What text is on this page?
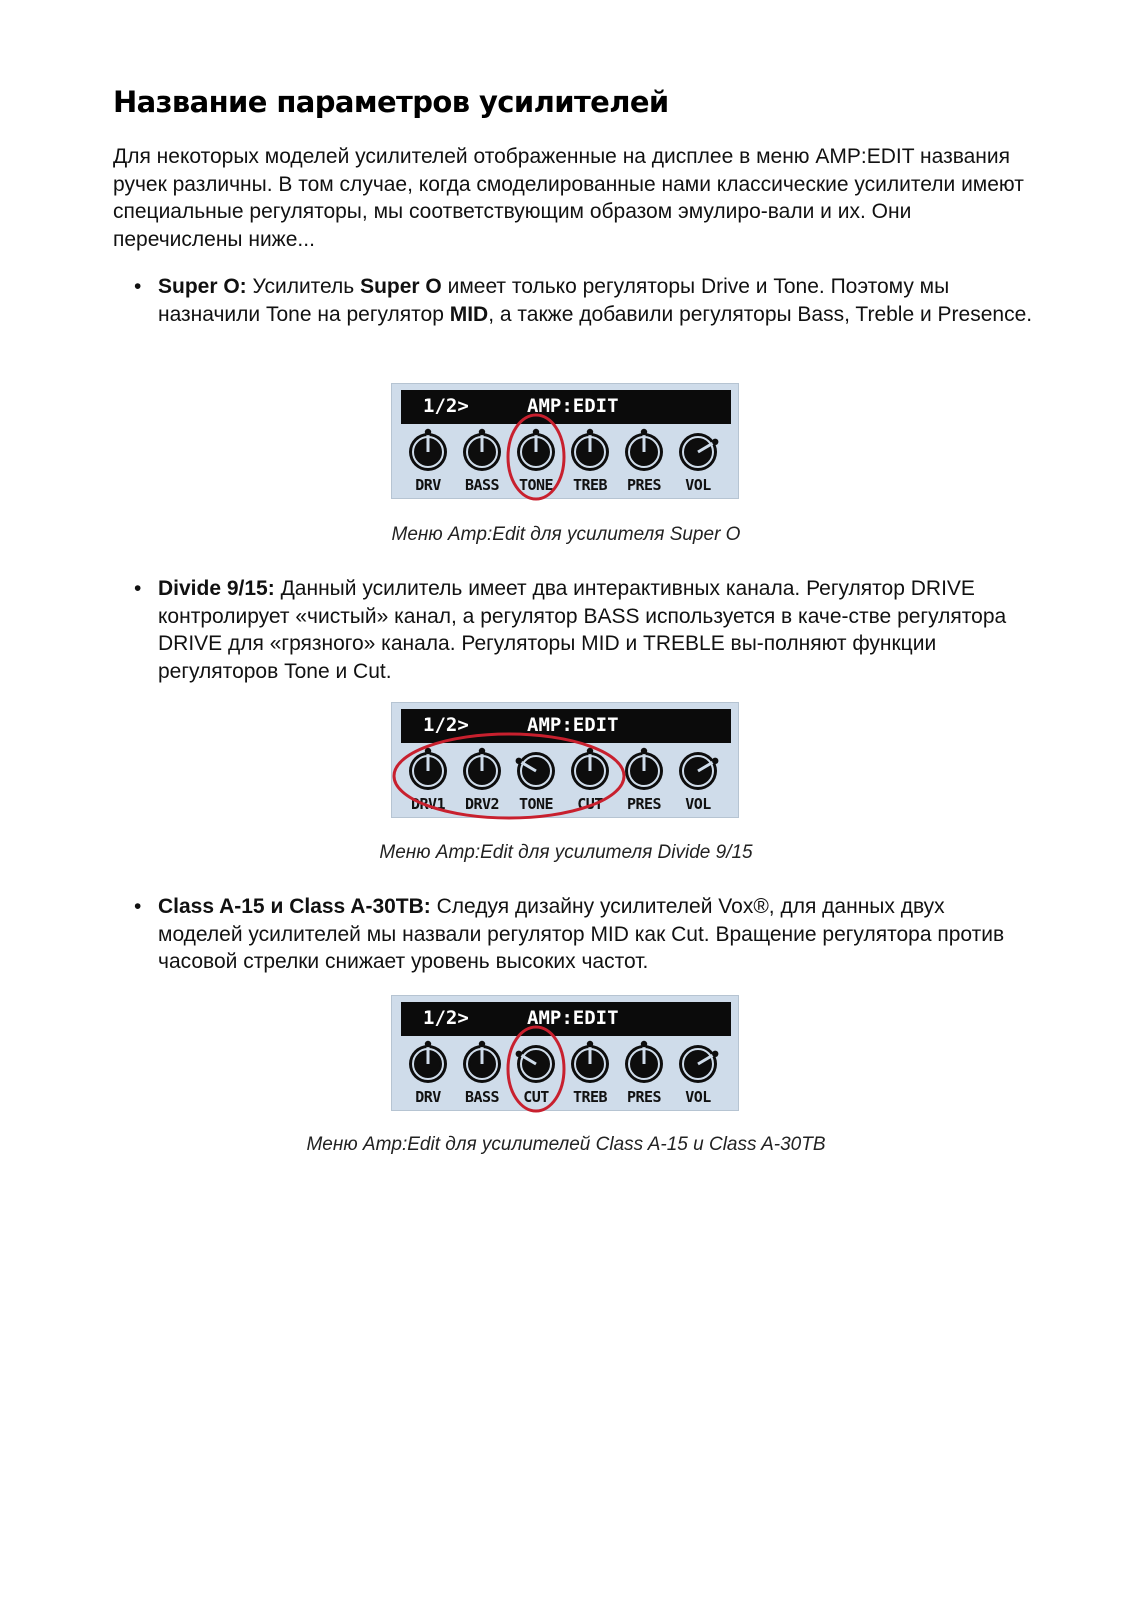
Название параметров усилителей

Для некоторых моделей усилителей отображенные на дисплее в меню AMP:EDIT названия ручек различны. В том случае, когда смоделированные нами классические усилители имеют специальные регуляторы, мы соответствующим образом эмулиро-вали и их. Они перечислены ниже...

• Super O: Усилитель Super O имеет только регуляторы Drive и Tone. Поэтому мы назначили Tone на регулятор MID, а также добавили регуляторы Bass, Treble и Presence.

1/2>	AMP:EDIT
DRV	BASS	TONE	TREB	PRES	VOL

Меню Amp:Edit для усилителя Super O

• Divide 9/15: Данный усилитель имеет два интерактивных канала. Регулятор DRIVE контролирует «чистый» канал, а регулятор BASS используется в каче-стве регулятора DRIVE для «грязного» канала. Регуляторы MID и TREBLE вы-полняют функции регуляторов Tone и Cut.

1/2>	AMP:EDIT
DRV1	DRV2	TONE	CUT	PRES	VOL

Меню Amp:Edit для усилителя Divide 9/15

• Class A-15 и Class A-30TB: Следуя дизайну усилителей Vox®, для данных двух моделей усилителей мы назвали регулятор MID как Cut. Вращение регулятора против часовой стрелки снижает уровень высоких частот.

1/2>	AMP:EDIT
DRV	BASS	CUT	TREB	PRES	VOL

Меню Amp:Edit для усилителей Class A-15 и Class A-30TB
